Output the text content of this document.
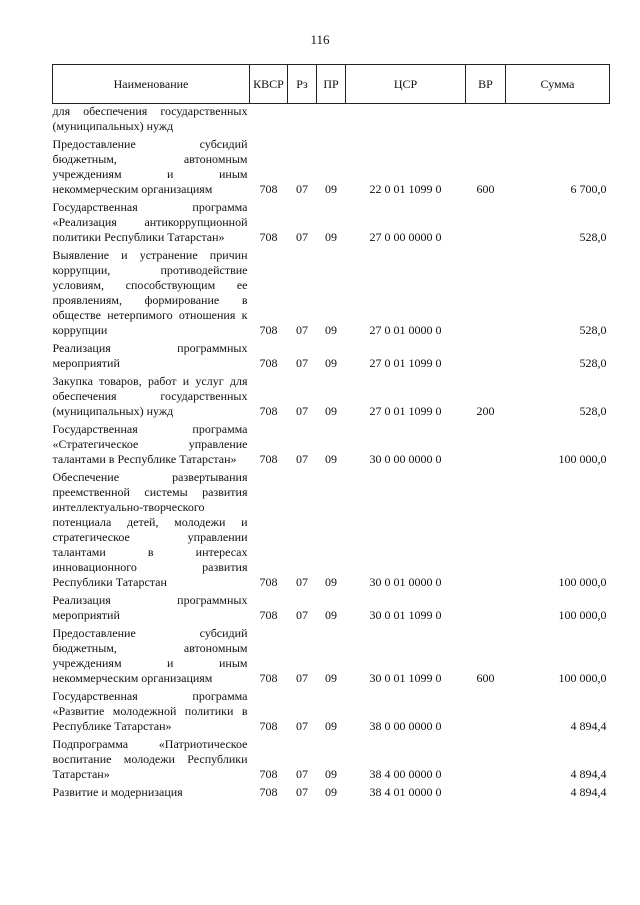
116
Наименование	КВСР	Рз	ПР	ЦСР	ВР	Сумма
для обеспечения государственных (муниципальных) нужд						

Предоставление субсидий бюджетным, автономным учреждениям и иным некоммерческим организациям	708	07	09	22 0 01 1099 0	600	6 700,0

Государственная программа «Реализация антикоррупционной политики Республики Татарстан»	708	07	09	27 0 00 0000 0		528,0

Выявление и устранение причин коррупции, противодействие условиям, способствующим ее проявлениям, формирование в обществе нетерпимого отношения к коррупции	708	07	09	27 0 01 0000 0		528,0

Реализация программных мероприятий	708	07	09	27 0 01 1099 0		528,0

Закупка товаров, работ и услуг для обеспечения государственных (муниципальных) нужд	708	07	09	27 0 01 1099 0	200	528,0

Государственная программа «Стратегическое управление талантами в Республике Татарстан»	708	07	09	30 0 00 0000 0		100 000,0

Обеспечение развертывания преемственной системы развития интеллектуально-творческого потенциала детей, молодежи и стратегическое управлении талантами в интересах инновационного развития Республики Татарстан	708	07	09	30 0 01 0000 0		100 000,0

Реализация программных мероприятий	708	07	09	30 0 01 1099 0		100 000,0

Предоставление субсидий бюджетным, автономным учреждениям и иным некоммерческим организациям	708	07	09	30 0 01 1099 0	600	100 000,0

Государственная программа «Развитие молодежной политики в Республике Татарстан»	708	07	09	38 0 00 0000 0		4 894,4

Подпрограмма «Патриотическое воспитание молодежи Республики Татарстан»	708	07	09	38 4 00 0000 0		4 894,4

Развитие и модернизация	708	07	09	38 4 01 0000 0		4 894,4
